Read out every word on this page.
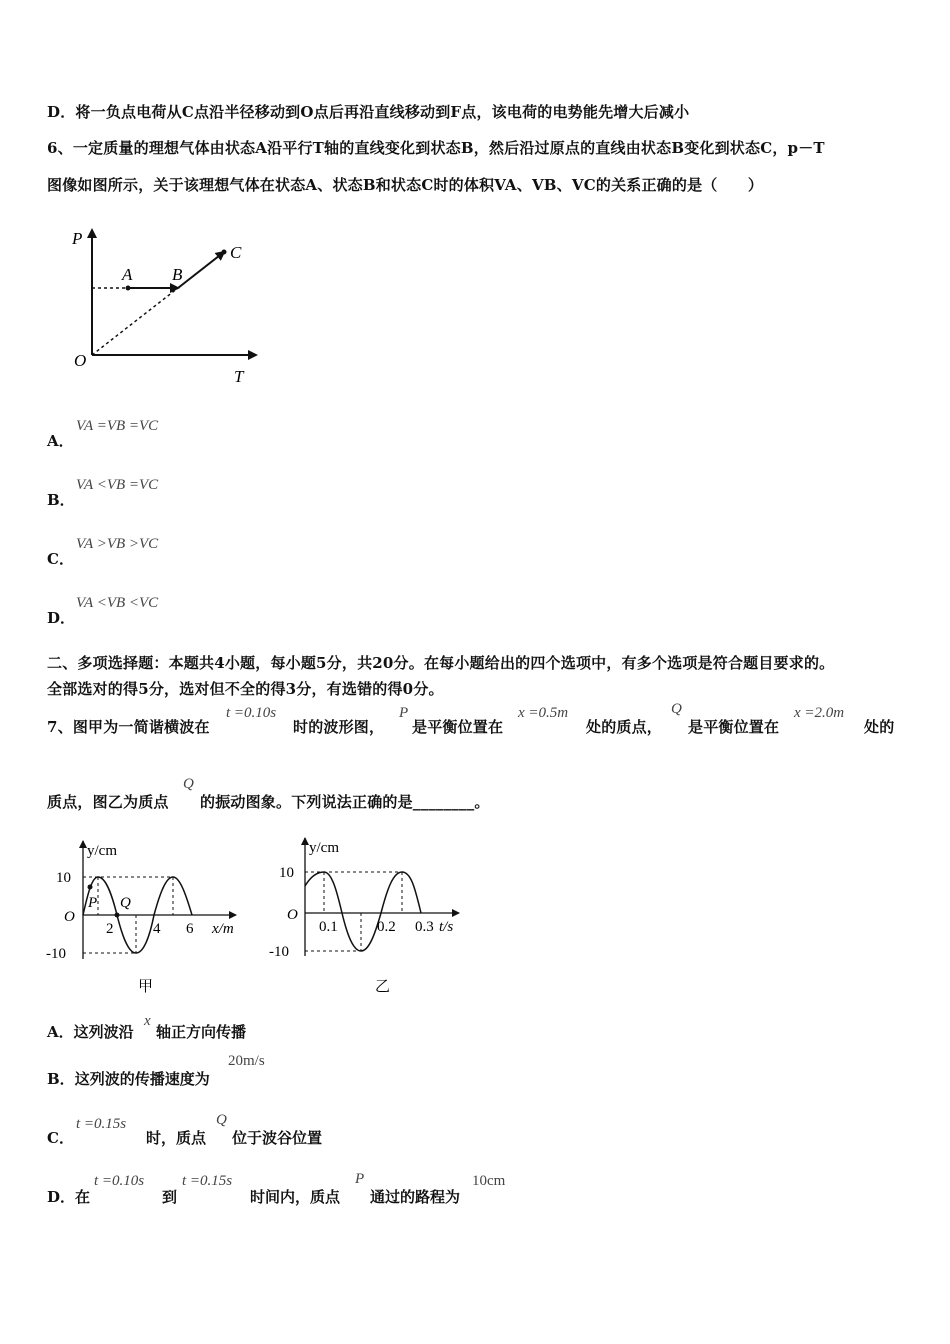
D．将一负点电荷从C点沿半径移动到O点后再沿直线移动到F点，该电荷的电势能先增大后减小
6、一定质量的理想气体由状态A沿平行T轴的直线变化到状态B，然后沿过原点的直线由状态B变化到状态C，p－T
图像如图所示，关于该理想气体在状态A、状态B和状态C时的体积VA、VB、VC的关系正确的是（　　）
P
T
O
A B
C
A．
VA =VB =VC
B．
VA <VB =VC
C．
VA >VB >VC
D．
VA <VB <VC
二、多项选择题：本题共4小题，每小题5分，共20分。在每小题给出的四个选项中，有多个选项是符合题目要求的。
全部选对的得5分，选对但不全的得3分，有选错的得0分。
7、图甲为一简谐横波在
t =0.10s
时的波形图，
P
是平衡位置在
x =0.5m
处的质点，
Q
是平衡位置在
x =2.0m
处的
质点，图乙为质点
Q
的振动图象。下列说法正确的是________。
y/cm
x/m
10
-10
O
2	4 6
P Q
甲
y/cm
t/s
10
-10
O
0.1	0.2 0.3
乙
A．这列波沿
x
轴正方向传播
B．这列波的传播速度为
20m/s
C．
t =0.15s
时，质点
Q
位于波谷位置
D．在
t =0.10s
到
t =0.15s
时间内，质点
P
通过的路程为
10cm
